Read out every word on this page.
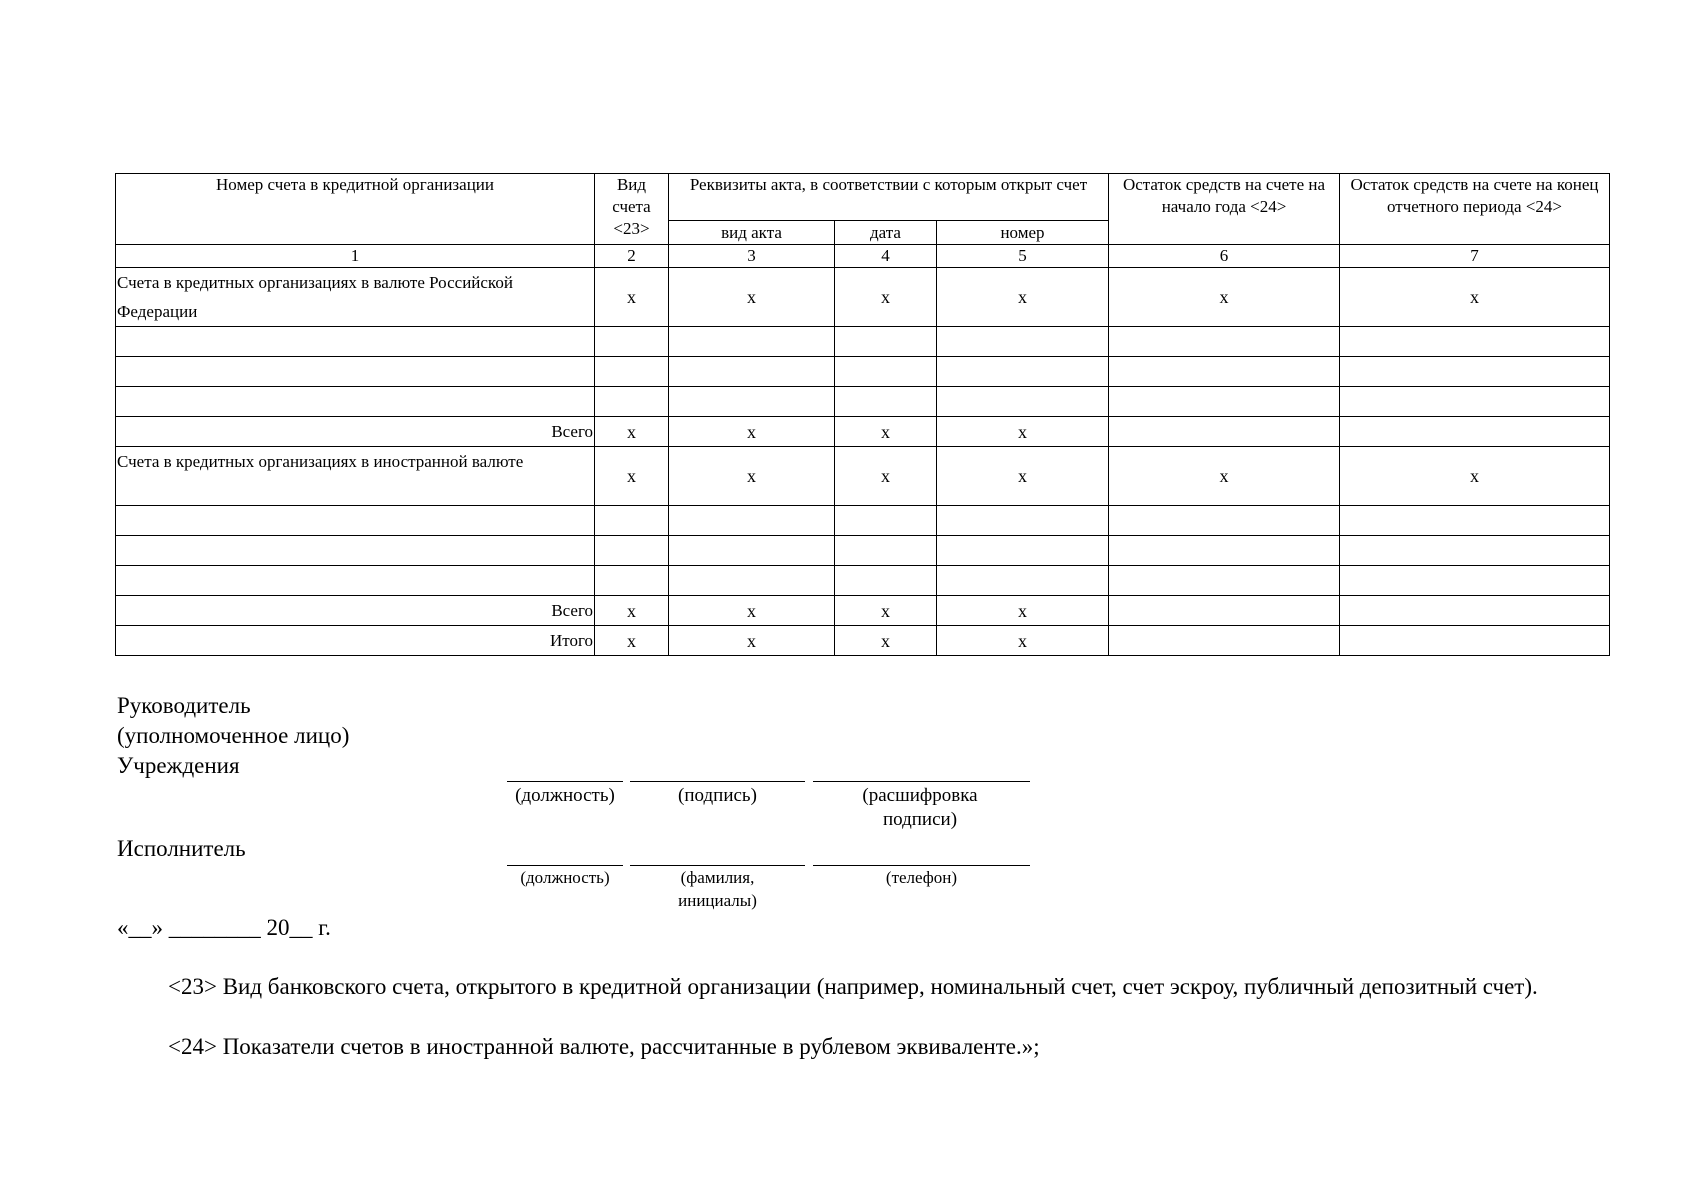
Номер счета в кредитной организации	Вид счета <23>	Реквизиты акта, в соответствии с которым открыт счет			Остаток средств на счете на начало года <24>	Остаток средств на счете на конец отчетного периода <24>
		вид акта	дата	номер		
1	2	3	4	5	6	7
Счета в кредитных организациях в валюте Российской Федерации	x	x	x	x	x	x

Всего	x	x	x	x		
Счета в кредитных организациях в иностранной валюте	x	x	x	x	x	x

Всего	x	x	x	x		
Итого	x	x	x	x		
Руководитель
(уполномоченное лицо)
Учреждения
(должность)	(подпись)	(расшифровка подписи)
Исполнитель
(должность)	(фамилия, инициалы)
(телефон)
«__» ________ 20__ г.
<23> Вид банковского счета, открытого в кредитной организации (например, номинальный счет, счет эскроу, публичный депозитный счет).
<24> Показатели счетов в иностранной валюте, рассчитанные в рублевом эквиваленте.»;
